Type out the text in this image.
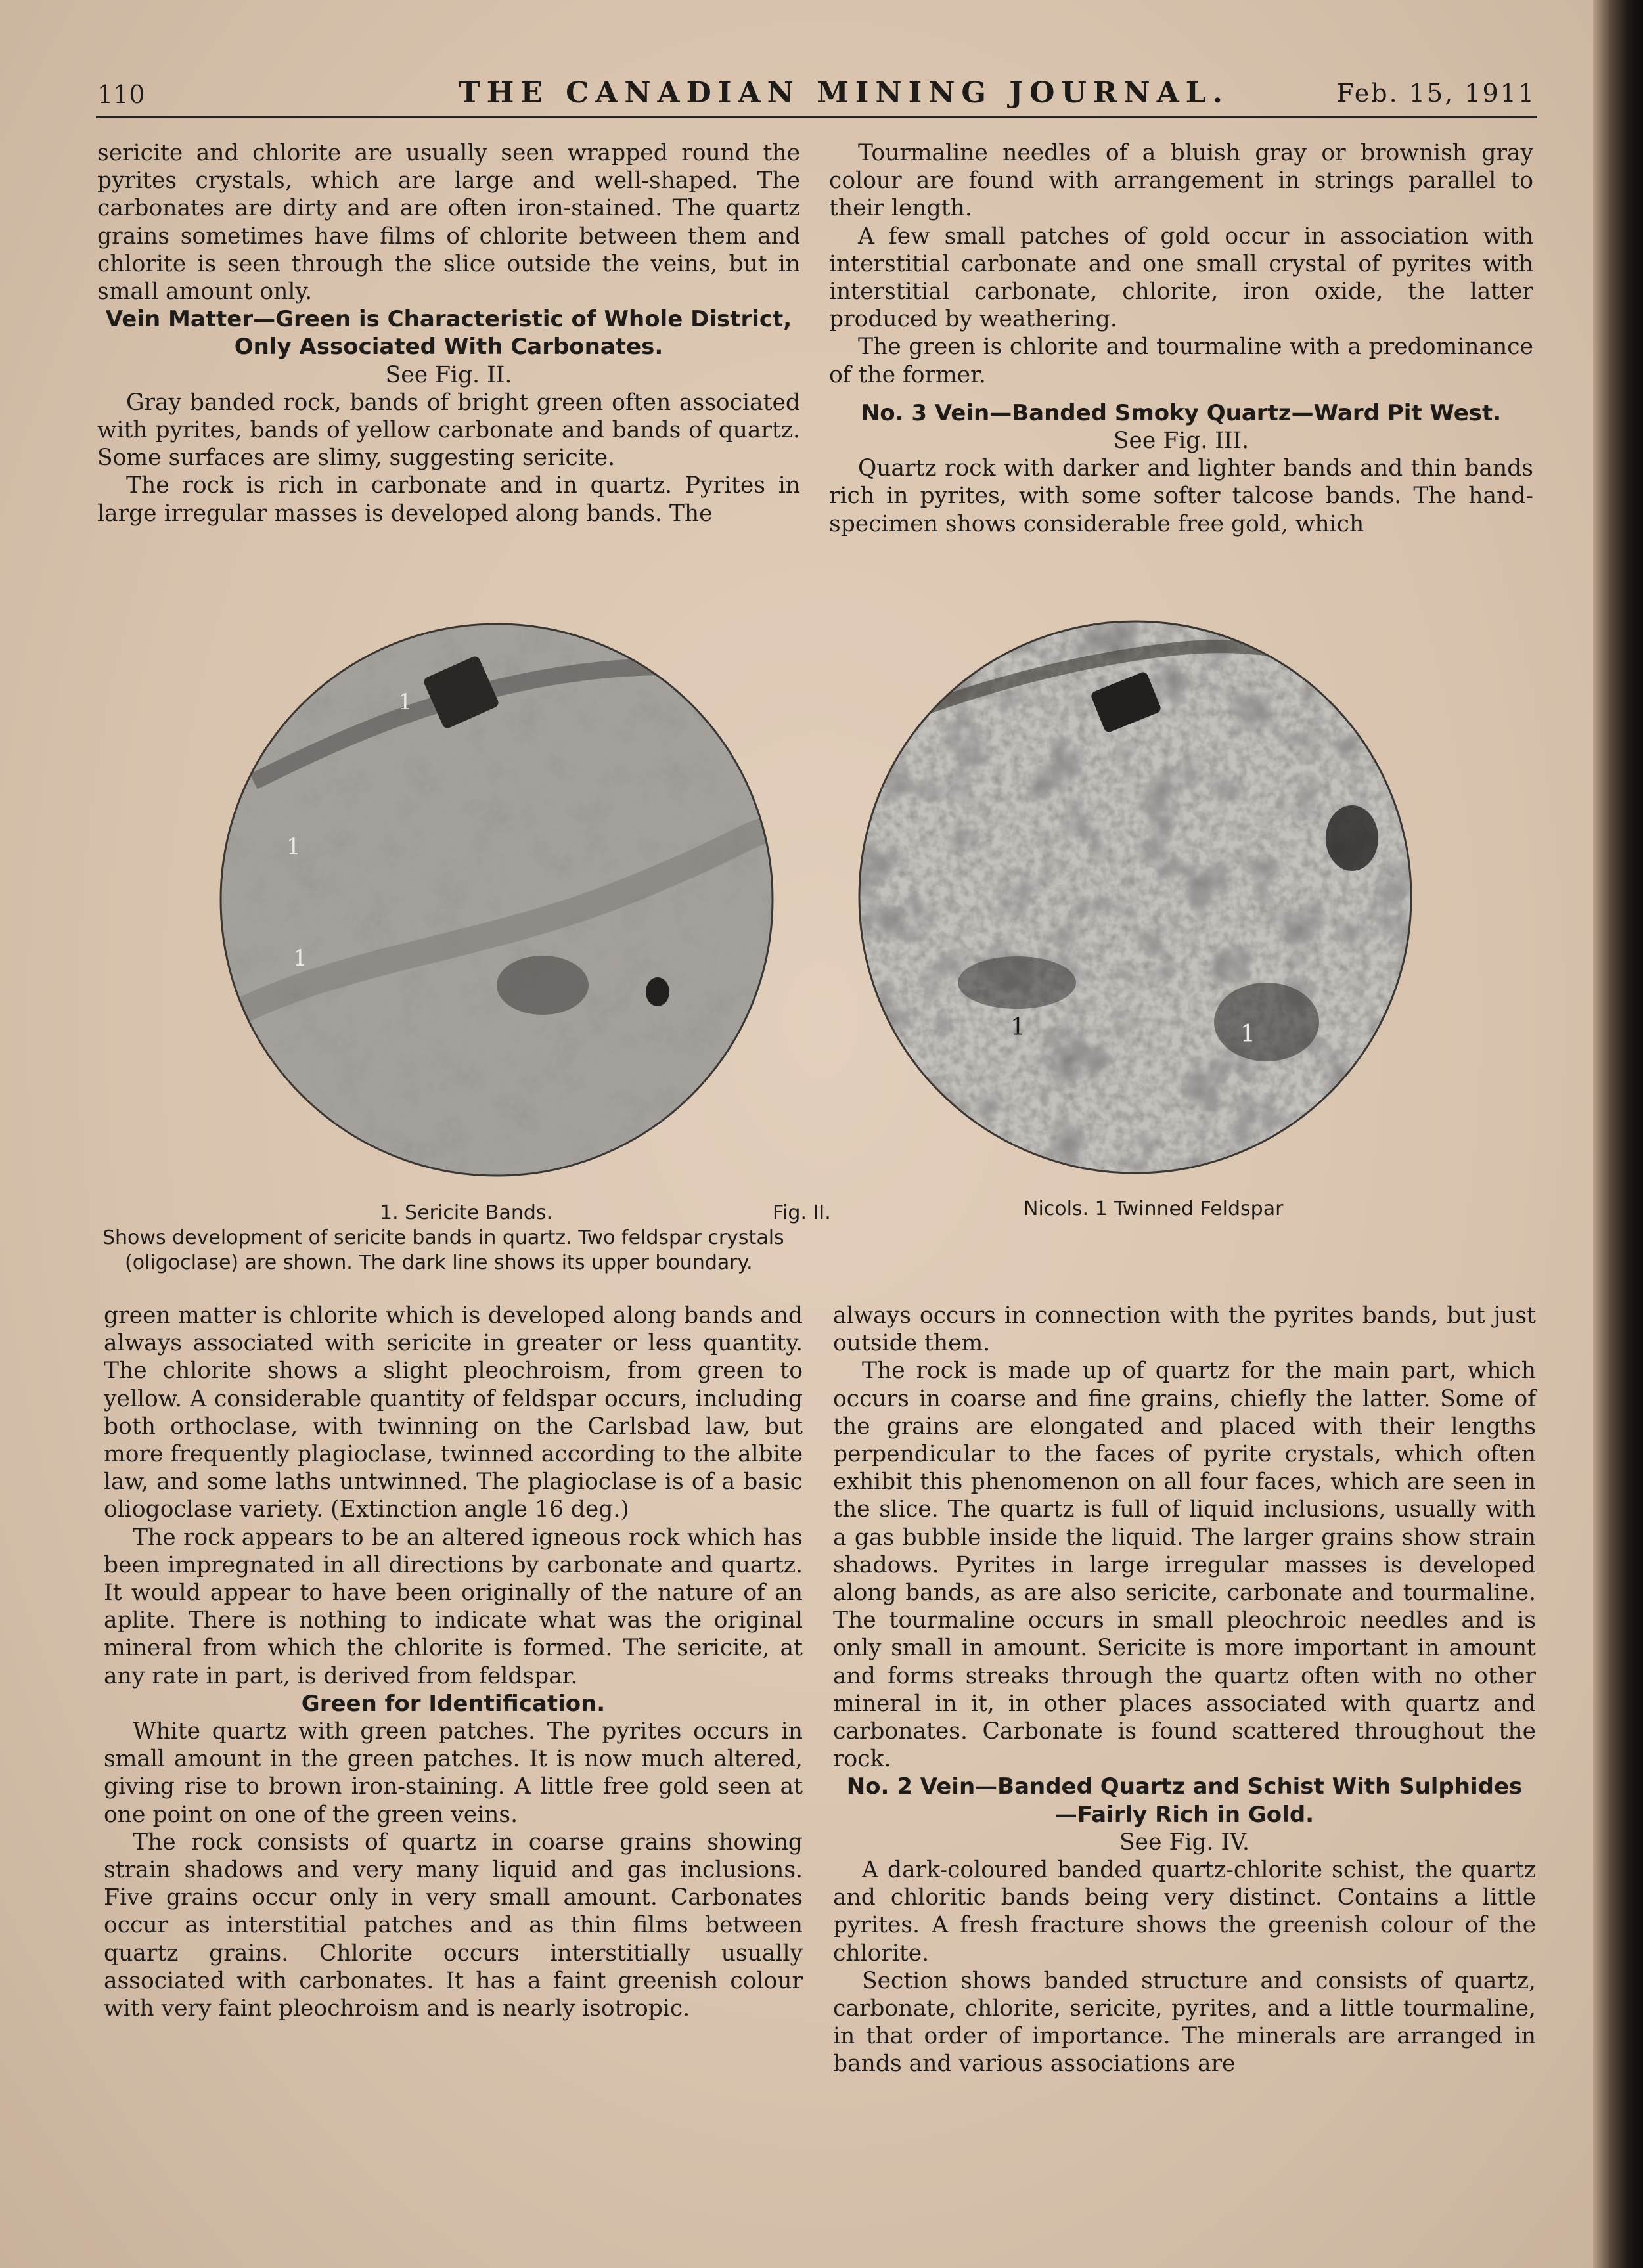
110	THE CANADIAN MINING JOURNAL.	Feb. 15, 1911

sericite and chlorite are usually seen wrapped round the pyrites crystals, which are large and well-shaped. The carbonates are dirty and are often iron-stained. The quartz grains sometimes have films of chlorite between them and chlorite is seen through the slice outside the veins, but in small amount only.

Vein Matter—Green is Characteristic of Whole District, Only Associated With Carbonates.

See Fig. II.

Gray banded rock, bands of bright green often associated with pyrites, bands of yellow carbonate and bands of quartz. Some surfaces are slimy, suggesting sericite.

The rock is rich in carbonate and in quartz. Pyrites in large irregular masses is developed along bands. The

Tourmaline needles of a bluish gray or brownish gray colour are found with arrangement in strings parallel to their length.

A few small patches of gold occur in association with interstitial carbonate and one small crystal of pyrites with interstitial carbonate, chlorite, iron oxide, the latter produced by weathering.

The green is chlorite and tourmaline with a predominance of the former.

No. 3 Vein—Banded Smoky Quartz—Ward Pit West.

See Fig. III.

Quartz rock with darker and lighter bands and thin bands rich in pyrites, with some softer talcose bands. The hand-specimen shows considerable free gold, which

1
1
1
1	1
1. Sericite Bands.	Fig. II.
Shows development of sericite bands in quartz. Two feldspar crystals
(oligoclase) are shown. The dark line shows its upper boundary.
Nicols. 1 Twinned Feldspar

green matter is chlorite which is developed along bands and always associated with sericite in greater or less quantity. The chlorite shows a slight pleochroism, from green to yellow. A considerable quantity of feldspar occurs, including both orthoclase, with twinning on the Carlsbad law, but more frequently plagioclase, twinned according to the albite law, and some laths untwinned. The plagioclase is of a basic oliogoclase variety. (Extinction angle 16 deg.)

The rock appears to be an altered igneous rock which has been impregnated in all directions by carbonate and quartz. It would appear to have been originally of the nature of an aplite. There is nothing to indicate what was the original mineral from which the chlorite is formed. The sericite, at any rate in part, is derived from feldspar.

Green for Identification.

White quartz with green patches. The pyrites occurs in small amount in the green patches. It is now much altered, giving rise to brown iron-staining. A little free gold seen at one point on one of the green veins.

The rock consists of quartz in coarse grains showing strain shadows and very many liquid and gas inclusions. Five grains occur only in very small amount. Carbonates occur as interstitial patches and as thin films between quartz grains. Chlorite occurs interstitially usually associated with carbonates. It has a faint greenish colour with very faint pleochroism and is nearly isotropic.

always occurs in connection with the pyrites bands, but just outside them.

The rock is made up of quartz for the main part, which occurs in coarse and fine grains, chiefly the latter. Some of the grains are elongated and placed with their lengths perpendicular to the faces of pyrite crystals, which often exhibit this phenomenon on all four faces, which are seen in the slice. The quartz is full of liquid inclusions, usually with a gas bubble inside the liquid. The larger grains show strain shadows. Pyrites in large irregular masses is developed along bands, as are also sericite, carbonate and tourmaline. The tourmaline occurs in small pleochroic needles and is only small in amount. Sericite is more important in amount and forms streaks through the quartz often with no other mineral in it, in other places associated with quartz and carbonates. Carbonate is found scattered throughout the rock.

No. 2 Vein—Banded Quartz and Schist With Sulphides —Fairly Rich in Gold.

See Fig. IV.

A dark-coloured banded quartz-chlorite schist, the quartz and chloritic bands being very distinct. Contains a little pyrites. A fresh fracture shows the greenish colour of the chlorite.

Section shows banded structure and consists of quartz, carbonate, chlorite, sericite, pyrites, and a little tourmaline, in that order of importance. The minerals are arranged in bands and various associations are
